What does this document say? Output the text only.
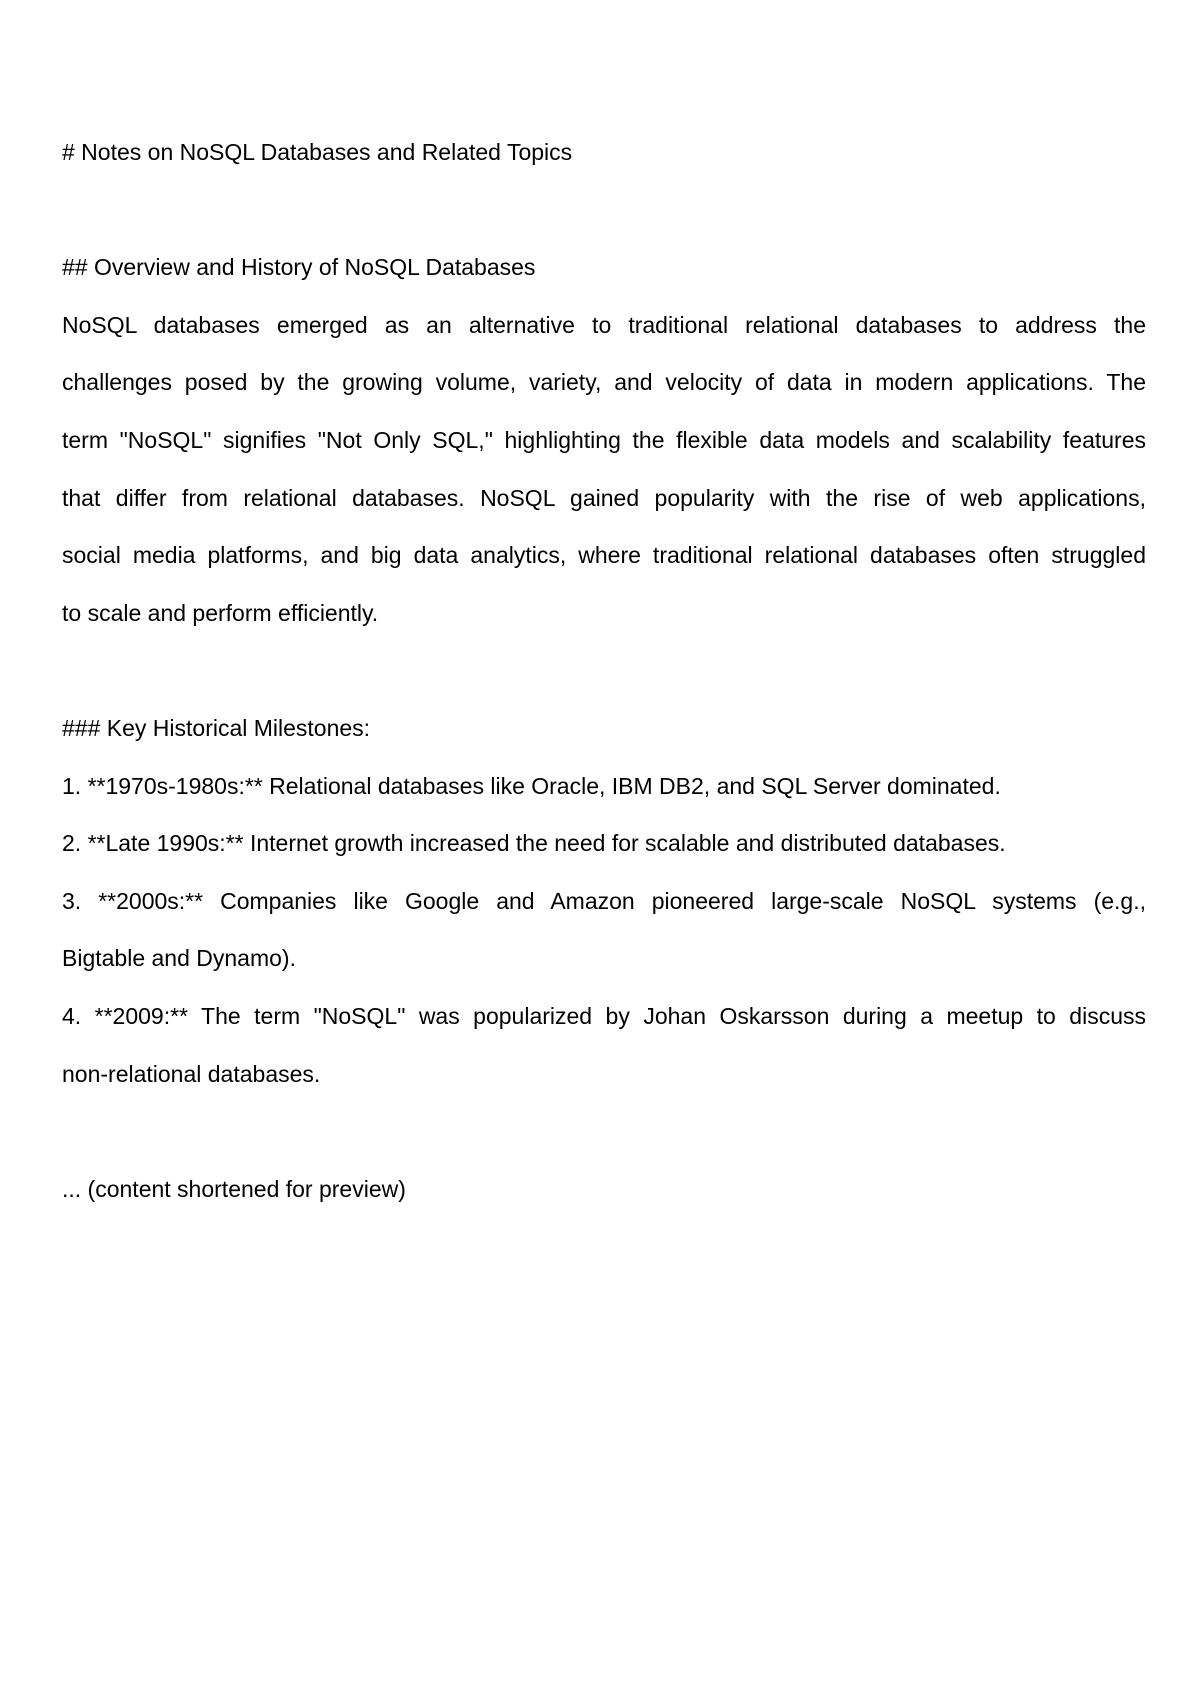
# Notes on NoSQL Databases and Related Topics

## Overview and History of NoSQL Databases

NoSQL databases emerged as an alternative to traditional relational databases to address the

challenges posed by the growing volume, variety, and velocity of data in modern applications. The

term "NoSQL" signifies "Not Only SQL," highlighting the flexible data models and scalability features

that differ from relational databases. NoSQL gained popularity with the rise of web applications,

social media platforms, and big data analytics, where traditional relational databases often struggled

to scale and perform efficiently.

### Key Historical Milestones:

1. **1970s-1980s:** Relational databases like Oracle, IBM DB2, and SQL Server dominated.

2. **Late 1990s:** Internet growth increased the need for scalable and distributed databases.

3. **2000s:** Companies like Google and Amazon pioneered large-scale NoSQL systems (e.g.,

Bigtable and Dynamo).

4. **2009:** The term "NoSQL" was popularized by Johan Oskarsson during a meetup to discuss

non-relational databases.

... (content shortened for preview)
